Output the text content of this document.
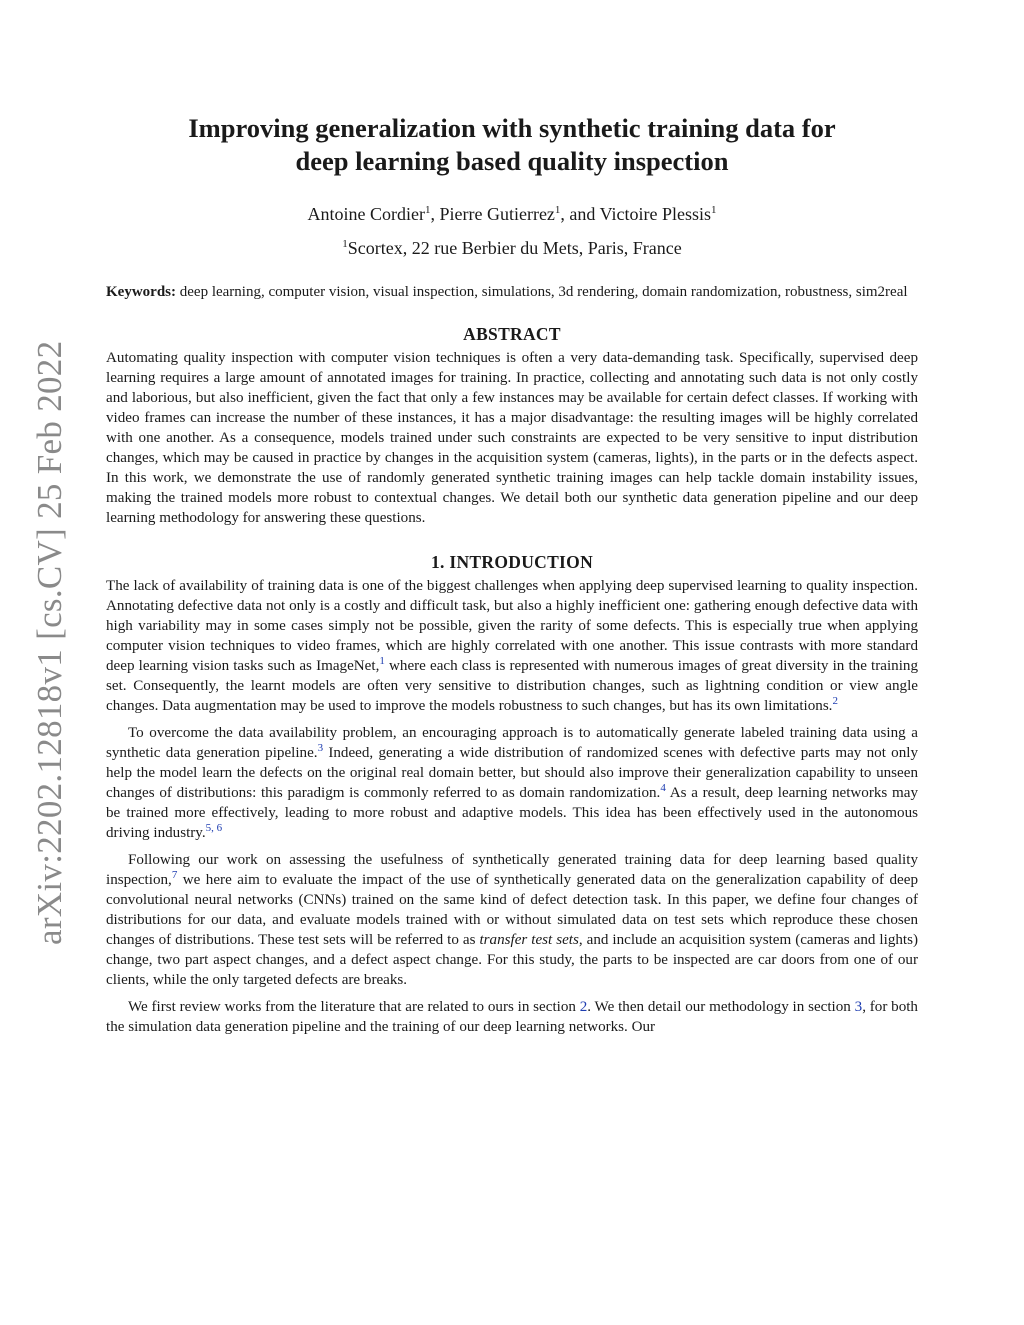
arXiv:2202.12818v1 [cs.CV] 25 Feb 2022
Improving generalization with synthetic training data for
deep learning based quality inspection
Antoine Cordier$^1$, Pierre Gutierrez$^1$, and Victoire Plessis$^1$
$^1$Scortex, 22 rue Berbier du Mets, Paris, France
Keywords: deep learning, computer vision, visual inspection, simulations, 3d rendering, domain randomization, robustness, sim2real
ABSTRACT

Automating quality inspection with computer vision techniques is often a very data-demanding task. Specifically, supervised deep learning requires a large amount of annotated images for training. In practice, collecting and annotating such data is not only costly and laborious, but also inefficient, given the fact that only a few instances may be available for certain defect classes. If working with video frames can increase the number of these instances, it has a major disadvantage: the resulting images will be highly correlated with one another. As a consequence, models trained under such constraints are expected to be very sensitive to input distribution changes, which may be caused in practice by changes in the acquisition system (cameras, lights), in the parts or in the defects aspect. In this work, we demonstrate the use of randomly generated synthetic training images can help tackle domain instability issues, making the trained models more robust to contextual changes. We detail both our synthetic data generation pipeline and our deep learning methodology for answering these questions.

1. INTRODUCTION

The lack of availability of training data is one of the biggest challenges when applying deep supervised learning to quality inspection. Annotating defective data not only is a costly and difficult task, but also a highly inefficient one: gathering enough defective data with high variability may in some cases simply not be possible, given the rarity of some defects. This is especially true when applying computer vision techniques to video frames, which are highly correlated with one another. This issue contrasts with more standard deep learning vision tasks such as ImageNet,$^1$ where each class is represented with numerous images of great diversity in the training set. Consequently, the learnt models are often very sensitive to distribution changes, such as lightning condition or view angle changes. Data augmentation may be used to improve the models robustness to such changes, but has its own limitations.$^2$

To overcome the data availability problem, an encouraging approach is to automatically generate labeled training data using a synthetic data generation pipeline.$^3$ Indeed, generating a wide distribution of randomized scenes with defective parts may not only help the model learn the defects on the original real domain better, but should also improve their generalization capability to unseen changes of distributions: this paradigm is commonly referred to as domain randomization.$^4$ As a result, deep learning networks may be trained more effectively, leading to more robust and adaptive models. This idea has been effectively used in the autonomous driving industry.$^{5, 6}$

Following our work on assessing the usefulness of synthetically generated training data for deep learning based quality inspection,$^7$ we here aim to evaluate the impact of the use of synthetically generated data on the generalization capability of deep convolutional neural networks (CNNs) trained on the same kind of defect detection task. In this paper, we define four changes of distributions for our data, and evaluate models trained with or without simulated data on test sets which reproduce these chosen changes of distributions. These test sets will be referred to as transfer test sets, and include an acquisition system (cameras and lights) change, two part aspect changes, and a defect aspect change. For this study, the parts to be inspected are car doors from one of our clients, while the only targeted defects are breaks.

We first review works from the literature that are related to ours in section 2. We then detail our methodology in section 3, for both the simulation data generation pipeline and the training of our deep learning networks. Our
